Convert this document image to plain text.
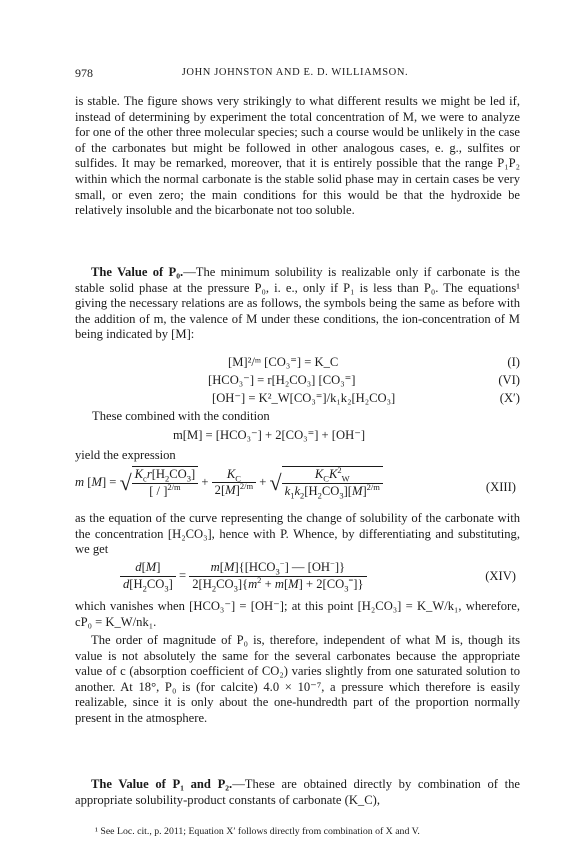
978	JOHN JOHNSTON AND E. D. WILLIAMSON.
is stable. The figure shows very strikingly to what different results we might be led if, instead of determining by experiment the total concentration of M, we were to analyze for one of the other three molecular species; such a course would be unlikely in the case of the carbonates but might be followed in other analogous cases, e. g., sulfites or sulfides. It may be remarked, moreover, that it is entirely possible that the range P₁P₂ within which the normal carbonate is the stable solid phase may in certain cases be very small, or even zero; the main conditions for this would be that the hydroxide be relatively insoluble and the bicarbonate not too soluble.
The Value of P₀.—The minimum solubility is realizable only if carbonate is the stable solid phase at the pressure P₀, i. e., only if P₁ is less than P₀. The equations¹ giving the necessary relations are as follows, the symbols being the same as before with the addition of m, the valence of M under these conditions, the ion-concentration of M being indicated by [M]:
[M]²/ᵐ [CO₃⁼] = K_C	(I)
[HCO₃⁻] = r[H₂CO₃] [CO₃⁼]	(VI)
[OH⁻] = K²_W[CO₃⁼]/k₁k₂[H₂CO₃]	(X′)
These combined with the condition
m[M] = [HCO₃⁻] + 2[CO₃⁼] + [OH⁻]
yield the expression
m [M] = √ $\frac{K_cr[H_2CO_3]}{[ / ]^{2/m}} + \frac{K_C}{2[M]^{2/m}}$ + √ $\frac{K_CK^2_W}{k_1k_2[H_2CO_3][M]^{2/m}}$	(XIII)
as the equation of the curve representing the change of solubility of the carbonate with the concentration [H₂CO₃], hence with P. Whence, by differentiating and substituting, we get
$\frac{d[M]}{d[H_2CO_3]} = \frac{m[M]\{[HCO_3^-] — [OH^-]\}}{2[H_2CO_3]\{m^2 + m[M] + 2[CO_3^=]\}}$	(XIV)
which vanishes when [HCO₃⁻] = [OH⁻]; at this point [H₂CO₃] = K_W/k₁, wherefore, cP₀ = K_W/nk₁.
The order of magnitude of P₀ is, therefore, independent of what M is, though its value is not absolutely the same for the several carbonates because the appropriate value of c (absorption coefficient of CO₂) varies slightly from one saturated solution to another. At 18°, P₀ is (for calcite) 4.0 × 10⁻⁷, a pressure which therefore is easily realizable, since it is only about the one-hundredth part of the proportion normally present in the atmosphere.
The Value of P₁ and P₂.—These are obtained directly by combination of the appropriate solubility-product constants of carbonate (K_C),
¹ See Loc. cit., p. 2011; Equation X′ follows directly from combination of X and V.
